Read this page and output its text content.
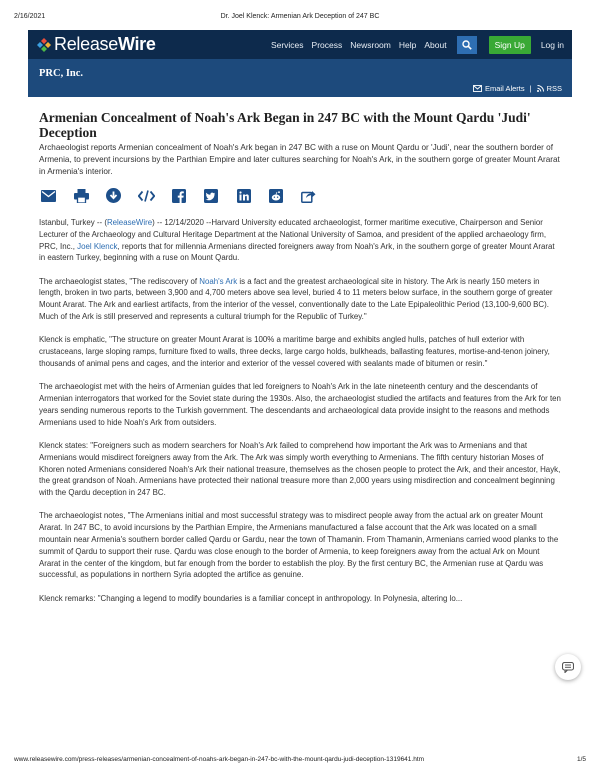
2/16/2021	Dr. Joel Klenck: Armenian Ark Deception of 247 BC
Release Wire	Services Process Newsroom Help About	Sign Up	Log in
PRC, Inc.
Email Alerts | RSS
Armenian Concealment of Noah's Ark Began in 247 BC with the Mount Qardu 'Judi' Deception
Archaeologist reports Armenian concealment of Noah's Ark began in 247 BC with a ruse on Mount Qardu or 'Judi', near the southern border of Armenia, to prevent incursions by the Parthian Empire and later cultures searching for Noah's Ark, in the southern gorge of greater Mount Ararat in Armenia's interior.

Istanbul, Turkey -- (ReleaseWire) -- 12/14/2020 --Harvard University educated archaeologist, former maritime executive, Chairperson and Senior Lecturer of the Archaeology and Cultural Heritage Department at the National University of Samoa, and president of the applied archaeology firm, PRC, Inc., Joel Klenck, reports that for millennia Armenians directed foreigners away from Noah's Ark, in the southern gorge of greater Mount Ararat in eastern Turkey, beginning with a ruse on Mount Qardu.

The archaeologist states, "The rediscovery of Noah's Ark is a fact and the greatest archaeological site in history. The Ark is nearly 150 meters in length, broken in two parts, between 3,900 and 4,700 meters above sea level, buried 4 to 11 meters below surface, in the southern gorge of greater Mount Ararat. The Ark and earliest artifacts, from the interior of the vessel, conventionally date to the Late Epipaleolithic Period (13,100-9,600 BC). Much of the Ark is still preserved and represents a cultural triumph for the Republic of Turkey."

Klenck is emphatic, "The structure on greater Mount Ararat is 100% a maritime barge and exhibits angled hulls, patches of hull exterior with crustaceans, large sloping ramps, furniture fixed to walls, three decks, large cargo holds, bulkheads, ballasting features, mortise-and-tenon joinery, thousands of animal pens and cages, and the interior and exterior of the vessel covered with sealants made of bitumen or resin."

The archaeologist met with the heirs of Armenian guides that led foreigners to Noah's Ark in the late nineteenth century and the descendants of Armenian interrogators that worked for the Soviet state during the 1930s. Also, the archaeologist studied the artifacts and features from the Ark for ten years sending numerous reports to the Turkish government. The descendants and archaeological data provide insight to the reasons and methods Armenians used to hide Noah's Ark from outsiders.

Klenck states: "Foreigners such as modern searchers for Noah's Ark failed to comprehend how important the Ark was to Armenians and that Armenians would misdirect foreigners away from the Ark. The Ark was simply worth everything to Armenians. The fifth century historian Moses of Khoren noted Armenians considered Noah's Ark their national treasure, themselves as the chosen people to protect the Ark, and their ancestor, Hayk, the great grandson of Noah. Armenians have protected their national treasure more than 2,000 years using misdirection and concealment beginning with the Qardu deception in 247 BC.

The archaeologist notes, "The Armenians initial and most successful strategy was to misdirect people away from the actual ark on greater Mount Ararat. In 247 BC, to avoid incursions by the Parthian Empire, the Armenians manufactured a false account that the Ark was located on a small mountain near Armenia's southern border called Qardu or Gardu, near the town of Thamanin. From Thamanin, Armenians carried wood planks to the summit of Qardu to support their ruse. Qardu was close enough to the border of Armenia, to keep foreigners away from the actual Ark on Mount Ararat in the center of the kingdom, but far enough from the border to establish the ploy. By the first century BC, the Armenian ruse at Qardu was successful, as populations in northern Syria adopted the artifice as genuine.

Klenck remarks: "Changing a legend to modify boundaries is a familiar concept in anthropology. In Polynesia, altering lo...

www.releasewire.com/press-releases/armenian-concealment-of-noahs-ark-began-in-247-bc-with-the-mount-qardu-judi-deception-1319641.htm	1/5
